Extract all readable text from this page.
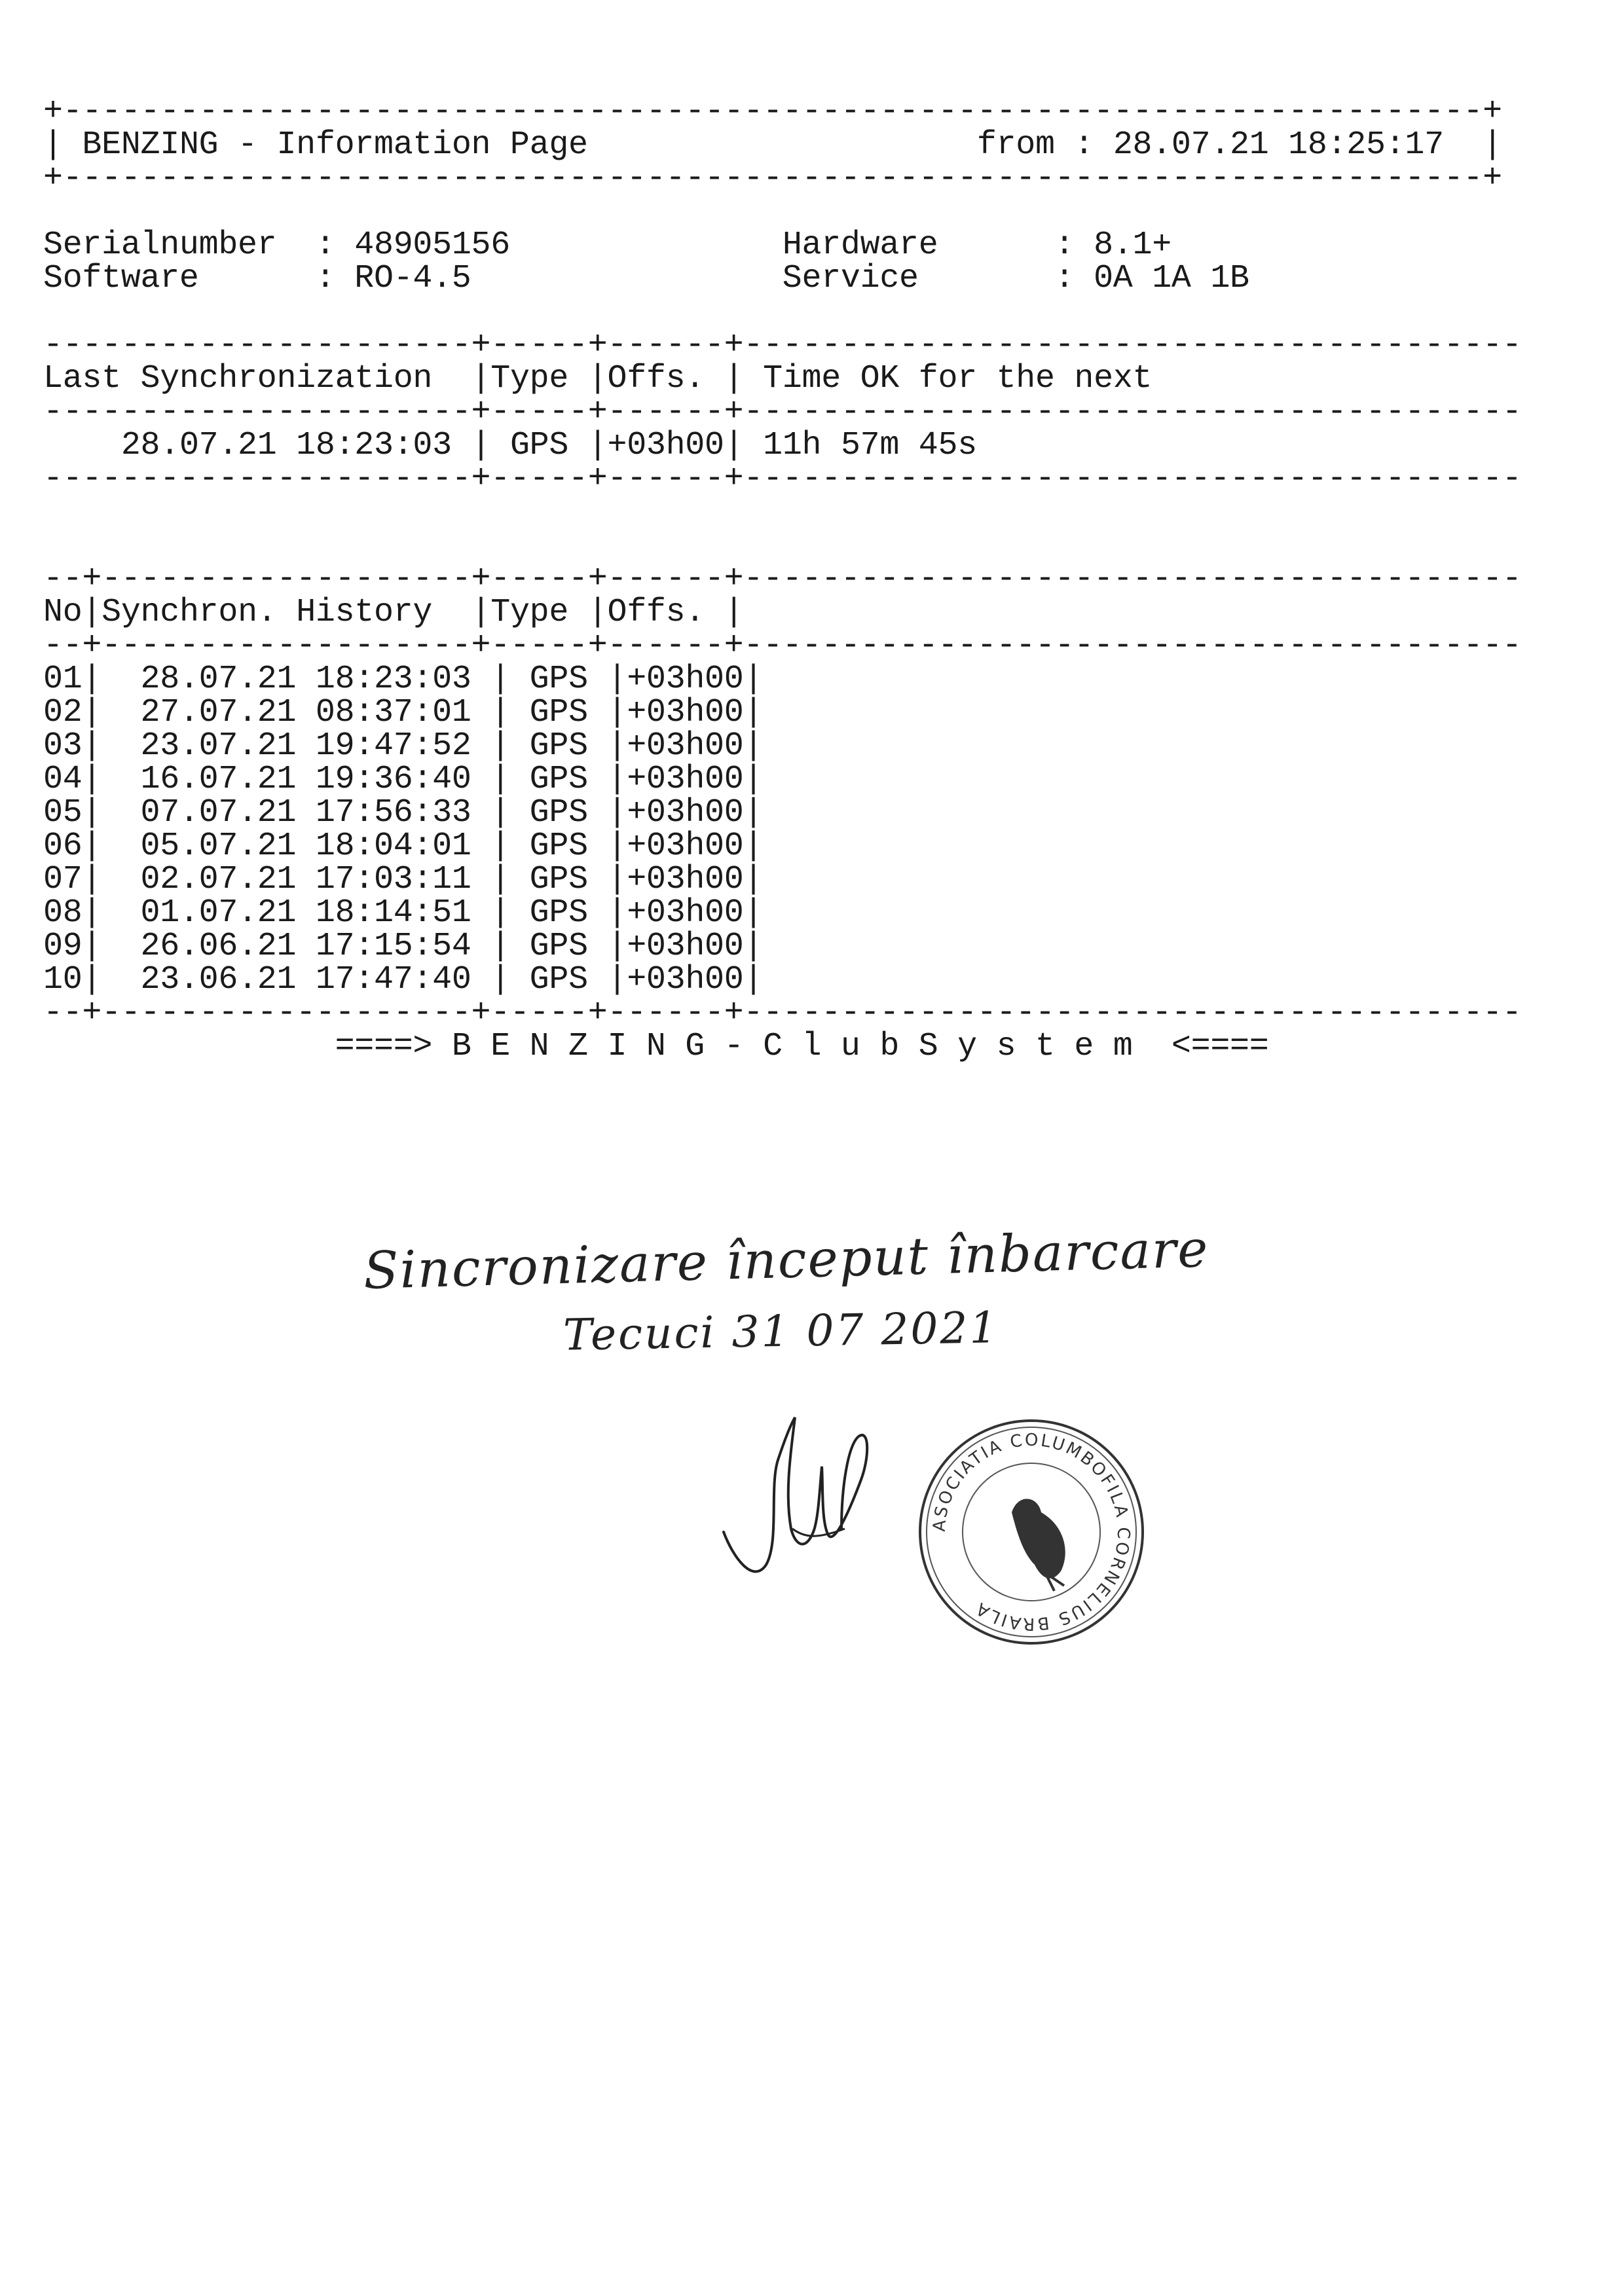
+-------------------------------------------------------------------------+
| BENZING - Information Page	from : 28.07.21 18:25:17  |
+-------------------------------------------------------------------------+

Serialnumber  : 48905156	Hardware      : 8.1+
Software      : RO-4.5	Service       : 0A 1A 1B

----------------------+-----+------+----------------------------------------
Last Synchronization  |Type |Offs. | Time OK for the next
----------------------+-----+------+----------------------------------------
28.07.21 18:23:03 | GPS |+03h00| 11h 57m 45s
----------------------+-----+------+----------------------------------------

--+-------------------+-----+------+----------------------------------------
No|Synchron. History  |Type |Offs. |
--+-------------------+-----+------+----------------------------------------
01|  28.07.21 18:23:03 | GPS |+03h00|
02|  27.07.21 08:37:01 | GPS |+03h00|
03|  23.07.21 19:47:52 | GPS |+03h00|
04|  16.07.21 19:36:40 | GPS |+03h00|
05|  07.07.21 17:56:33 | GPS |+03h00|
06|  05.07.21 18:04:01 | GPS |+03h00|
07|  02.07.21 17:03:11 | GPS |+03h00|
08|  01.07.21 18:14:51 | GPS |+03h00|
09|  26.06.21 17:15:54 | GPS |+03h00|
10|  23.06.21 17:47:40 | GPS |+03h00|
--+-------------------+-----+------+----------------------------------------
====> B E N Z I N G - C l u b S y s t e m <====
Sincronizare început înbarcare
Tecuci 31 07 2021
ASOCIATIA COLUMBOFILA CORNELIUS BRAILA
